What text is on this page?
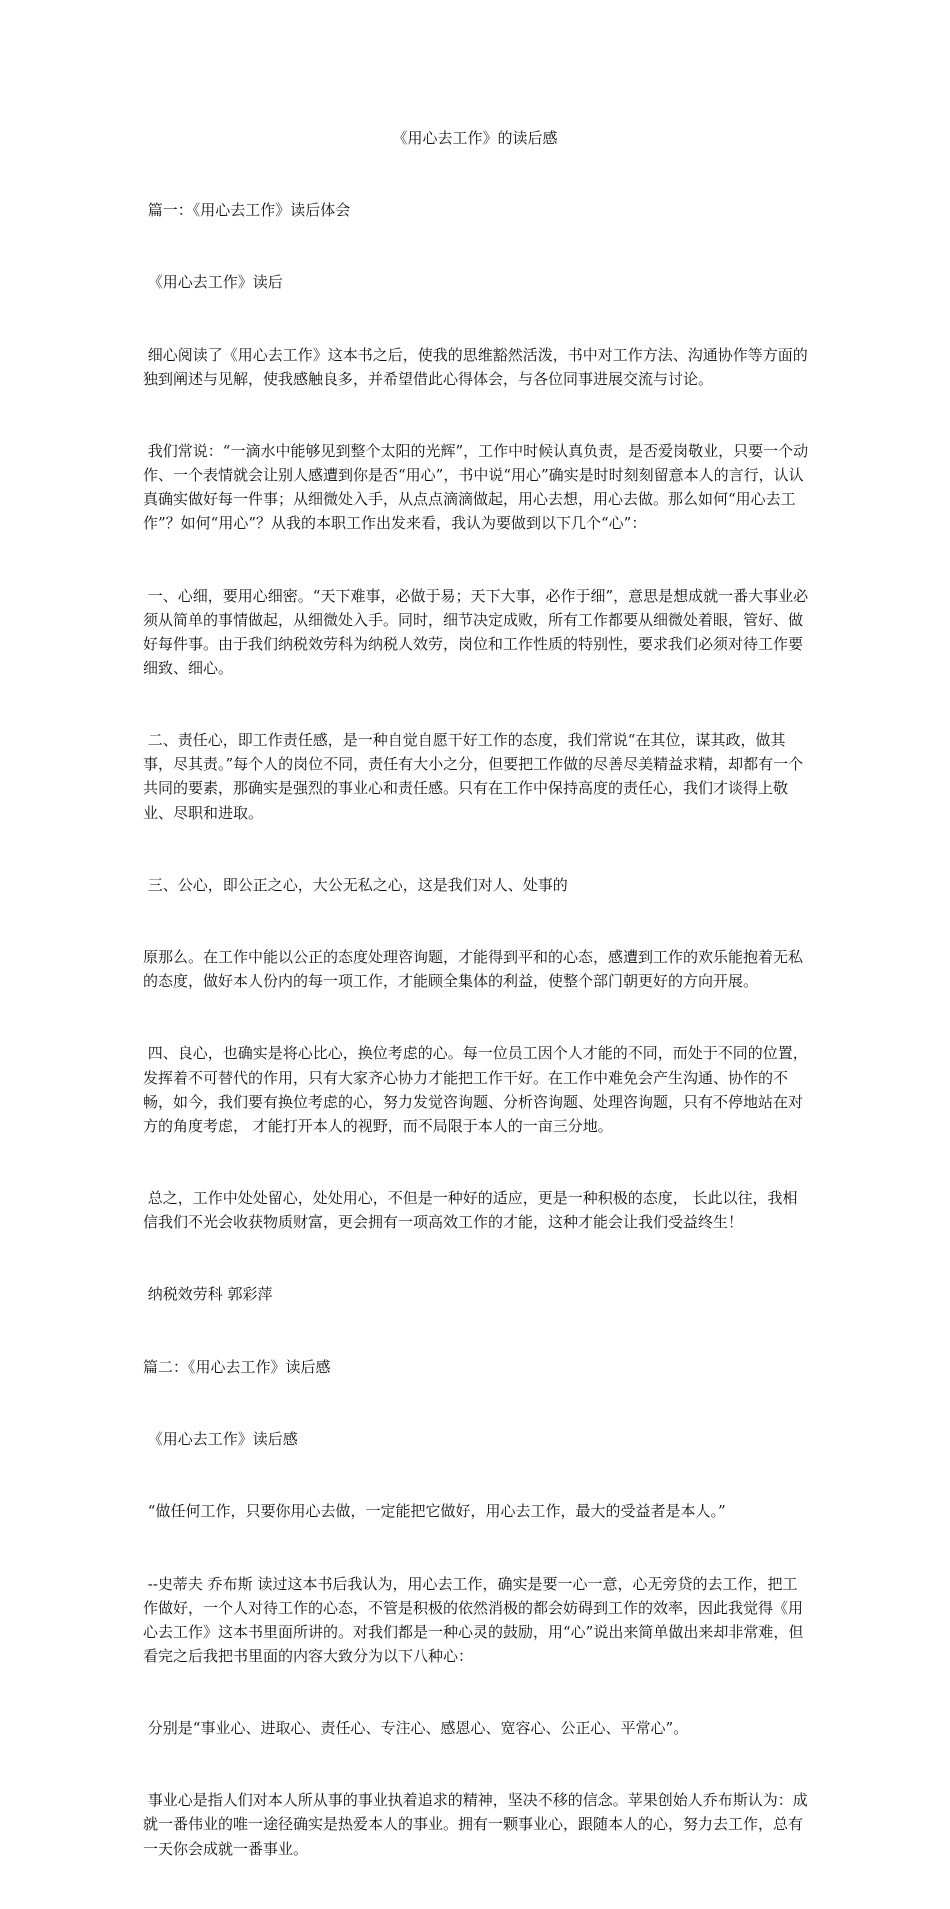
《用心去工作》的读后感

篇一：《用心去工作》读后体会

《用心去工作》读后

细心阅读了《用心去工作》这本书之后，使我的思维豁然活泼，书中对工作方法、沟通协作等方面的独到阐述与见解，使我感触良多，并希望借此心得体会，与各位同事进展交流与讨论。

我们常说：“一滴水中能够见到整个太阳的光辉”，工作中时候认真负责，是否爱岗敬业，只要一个动作、一个表情就会让别人感遭到你是否“用心”，书中说“用心”确实是时时刻刻留意本人的言行，认认真确实做好每一件事；从细微处入手，从点点滴滴做起，用心去想，用心去做。那么如何“用心去工作”？如何“用心”？从我的本职工作出发来看，我认为要做到以下几个“心”：

一、心细，要用心细密。“天下难事，必做于易；天下大事，必作于细”，意思是想成就一番大事业必须从简单的事情做起，从细微处入手。同时，细节决定成败，所有工作都要从细微处着眼，管好、做好每件事。由于我们纳税效劳科为纳税人效劳，岗位和工作性质的特别性，要求我们必须对待工作要细致、细心。

二、责任心，即工作责任感，是一种自觉自愿干好工作的态度，我们常说“在其位，谋其政，做其事，尽其责。”每个人的岗位不同，责任有大小之分，但要把工作做的尽善尽美精益求精，却都有一个共同的要素，那确实是强烈的事业心和责任感。只有在工作中保持高度的责任心，我们才谈得上敬业、尽职和进取。

三、公心，即公正之心，大公无私之心，这是我们对人、处事的

原那么。在工作中能以公正的态度处理咨询题，才能得到平和的心态，感遭到工作的欢乐能抱着无私的态度，做好本人份内的每一项工作，才能顾全集体的利益，使整个部门朝更好的方向开展。

四、良心，也确实是将心比心，换位考虑的心。每一位员工因个人才能的不同，而处于不同的位置，发挥着不可替代的作用，只有大家齐心协力才能把工作干好。在工作中难免会产生沟通、协作的不畅，如今，我们要有换位考虑的心，努力发觉咨询题、分析咨询题、处理咨询题，只有不停地站在对方的角度考虑， 才能打开本人的视野，而不局限于本人的一亩三分地。

总之，工作中处处留心，处处用心，不但是一种好的适应，更是一种积极的态度， 长此以往，我相信我们不光会收获物质财富，更会拥有一项高效工作的才能，这种才能会让我们受益终生！

纳税效劳科 郭彩萍

篇二：《用心去工作》读后感

《用心去工作》读后感

“做任何工作，只要你用心去做，一定能把它做好，用心去工作，最大的受益者是本人。”

--史蒂夫 乔布斯 读过这本书后我认为，用心去工作，确实是要一心一意，心无旁贷的去工作，把工作做好，一个人对待工作的心态，不管是积极的依然消极的都会妨碍到工作的效率，因此我觉得《用心去工作》这本书里面所讲的。对我们都是一种心灵的鼓励，用“心”说出来简单做出来却非常难，但看完之后我把书里面的内容大致分为以下八种心：

分别是“事业心、进取心、责任心、专注心、感恩心、宽容心、公正心、平常心”。

事业心是指人们对本人所从事的事业执着追求的精神，坚决不移的信念。苹果创始人乔布斯认为：成就一番伟业的唯一途径确实是热爱本人的事业。拥有一颗事业心，跟随本人的心，努力去工作，总有一天你会成就一番事业。
